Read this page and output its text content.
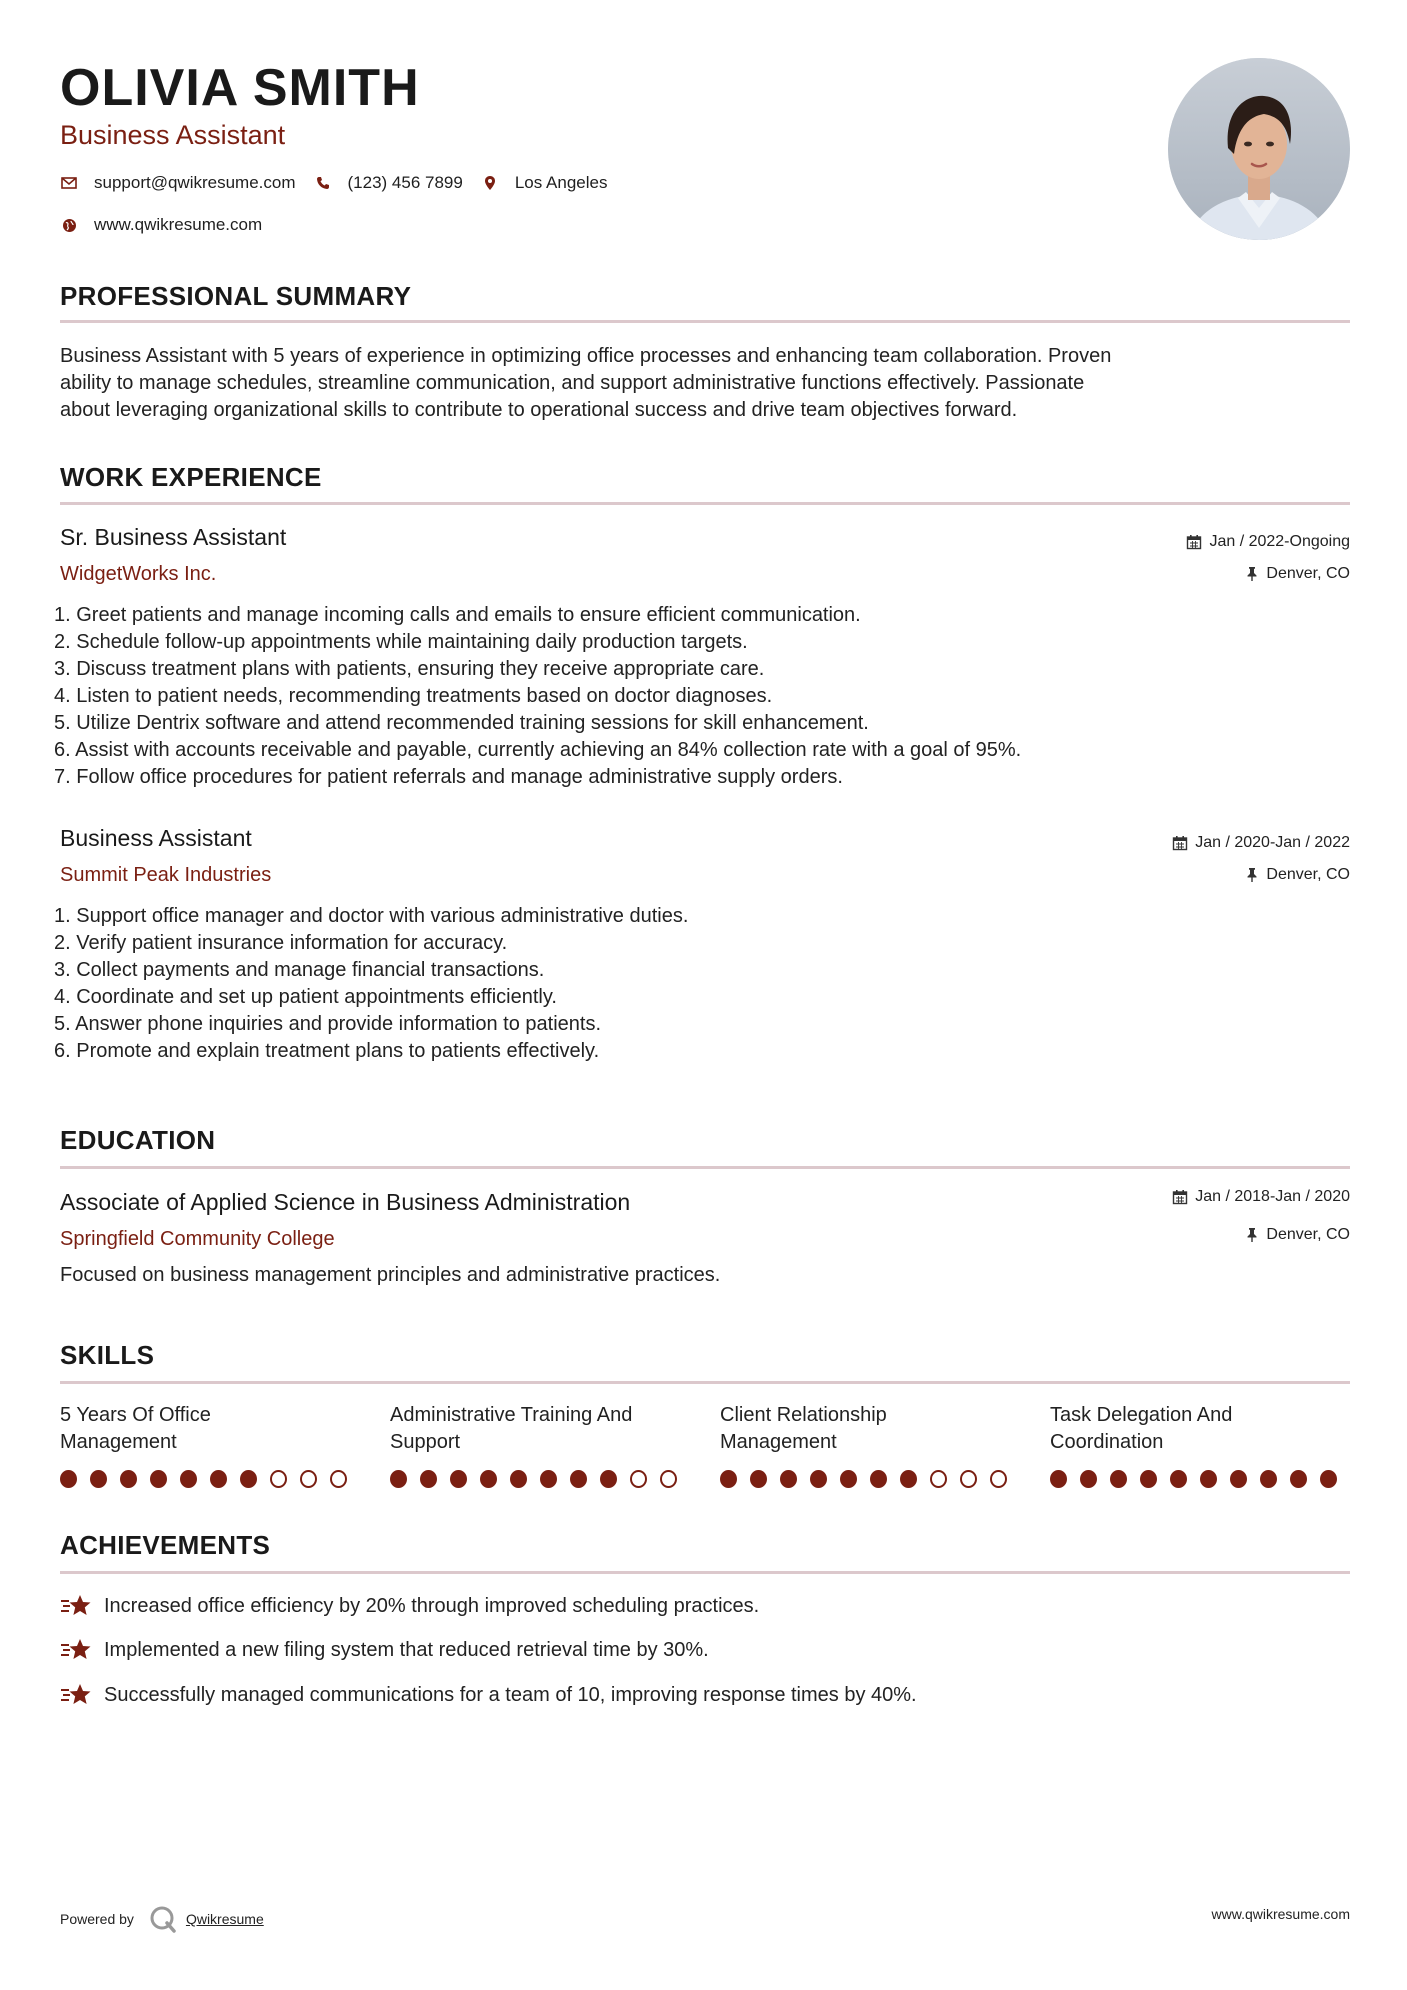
OLIVIA SMITH
Business Assistant
support@qwikresume.com	(123) 456 7899	Los Angeles
www.qwikresume.com
PROFESSIONAL SUMMARY
Business Assistant with 5 years of experience in optimizing office processes and enhancing team collaboration. Proven
ability to manage schedules, streamline communication, and support administrative functions effectively. Passionate
about leveraging organizational skills to contribute to operational success and drive team objectives forward.
WORK EXPERIENCE
Sr. Business Assistant
WidgetWorks Inc.
Jan / 2022-Ongoing
Denver, CO
1. Greet patients and manage incoming calls and emails to ensure efficient communication.
2. Schedule follow-up appointments while maintaining daily production targets.
3. Discuss treatment plans with patients, ensuring they receive appropriate care.
4. Listen to patient needs, recommending treatments based on doctor diagnoses.
5. Utilize Dentrix software and attend recommended training sessions for skill enhancement.
6. Assist with accounts receivable and payable, currently achieving an 84% collection rate with a goal of 95%.
7. Follow office procedures for patient referrals and manage administrative supply orders.
Business Assistant
Summit Peak Industries
Jan / 2020-Jan / 2022
Denver, CO
1. Support office manager and doctor with various administrative duties.
2. Verify patient insurance information for accuracy.
3. Collect payments and manage financial transactions.
4. Coordinate and set up patient appointments efficiently.
5. Answer phone inquiries and provide information to patients.
6. Promote and explain treatment plans to patients effectively.
EDUCATION
Associate of Applied Science in Business Administration
Springfield Community College
Jan / 2018-Jan / 2020
Denver, CO
Focused on business management principles and administrative practices.
SKILLS
5 Years Of Office
Management
Administrative Training And
Support
Client Relationship
Management
Task Delegation And
Coordination
ACHIEVEMENTS
Increased office efficiency by 20% through improved scheduling practices.
Implemented a new filing system that reduced retrieval time by 30%.
Successfully managed communications for a team of 10, improving response times by 40%.
Powered by	Qwikresume	www.qwikresume.com
